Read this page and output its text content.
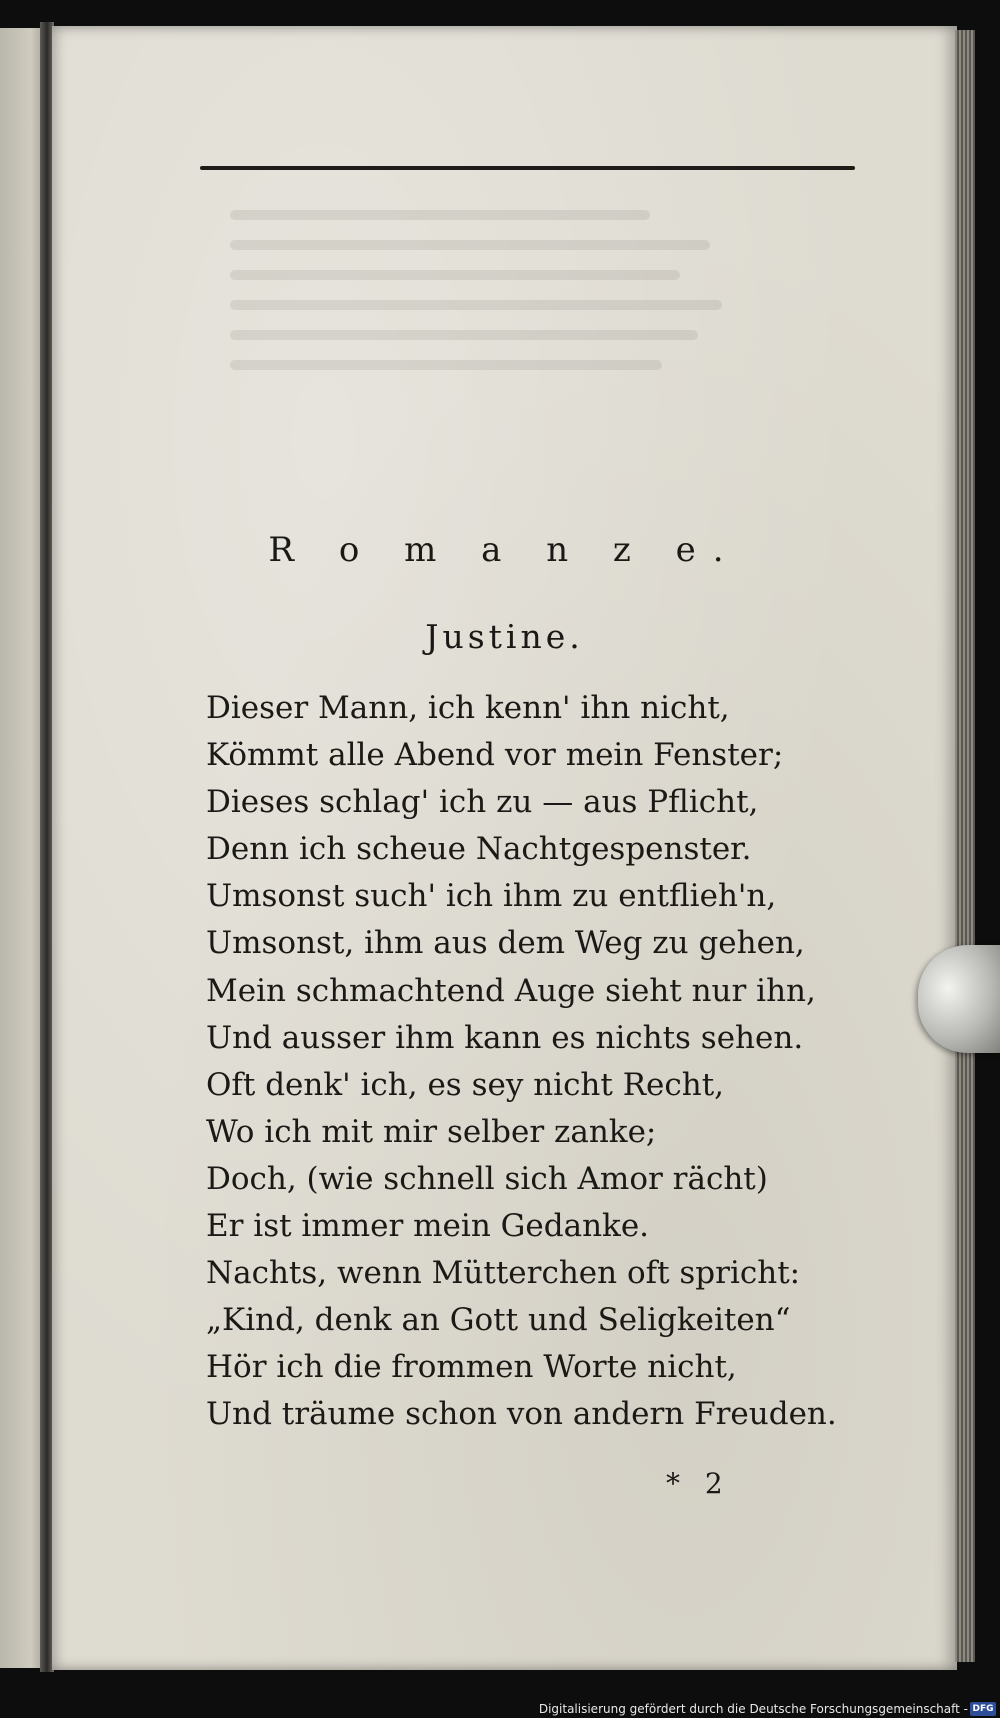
R o m a n z e.
Justine.
Dieser Mann, ich kenn' ihn nicht,
Kömmt alle Abend vor mein Fenster;
Dieses schlag' ich zu — aus Pflicht,
Denn ich scheue Nachtgespenster.
Umsonst such' ich ihm zu entflieh'n,
Umsonst, ihm aus dem Weg zu gehen,
Mein schmachtend Auge sieht nur ihn,
Und ausser ihm kann es nichts sehen.
Oft denk' ich, es sey nicht Recht,
Wo ich mit mir selber zanke;
Doch, (wie schnell sich Amor rächt)
Er ist immer mein Gedanke.
Nachts, wenn Mütterchen oft spricht:
„Kind, denk an Gott und Seligkeiten“
Hör ich die frommen Worte nicht,
Und träume schon von andern Freuden.
* 2
Digitalisierung gefördert durch die Deutsche Forschungsgemeinschaft - DFG
